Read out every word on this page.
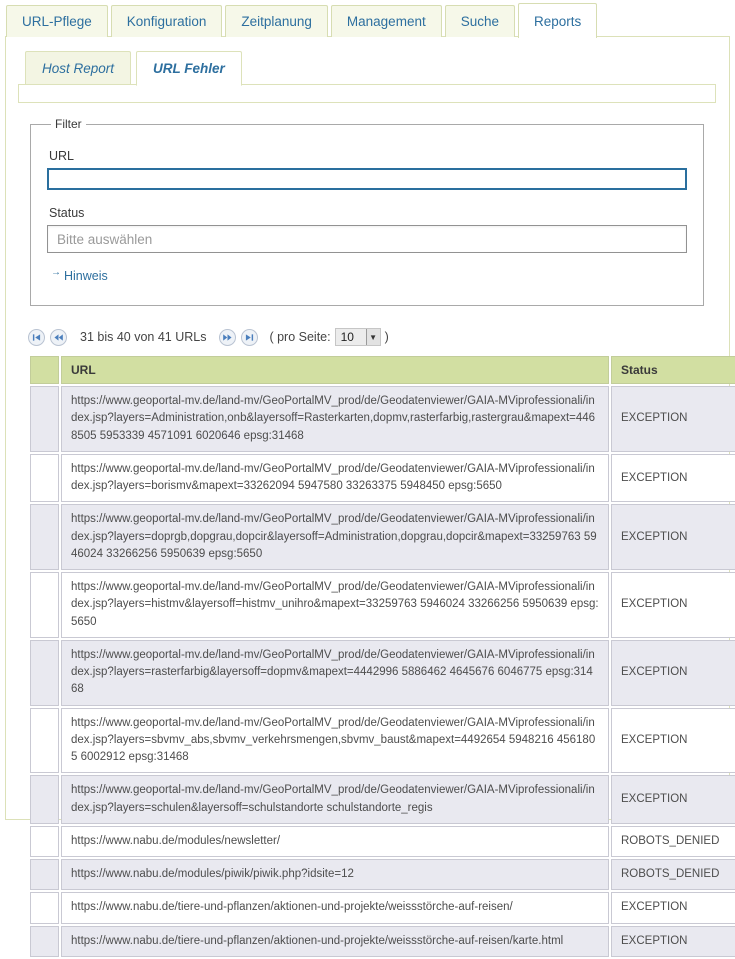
URL-Pflege	Konfiguration	Zeitplanung	Management	Suche	Reports
Host Report	URL Fehler
Filter
URL
Status
Bitte auswählen
→ Hinweis
31 bis 40 von 41 URLs	( pro Seite: 10	▼ )
	URL	Status
	https://www.geoportal-mv.de/land-mv/GeoPortalMV_prod/de/Geodatenviewer/GAIA-MViprofessionali/index.jsp?layers=Administration,onb&layersoff=Rasterkarten,dopmv,rasterfarbig,rastergrau&mapext=4468505 5953339 4571091 6020646 epsg:31468	EXCEPTION
	https://www.geoportal-mv.de/land-mv/GeoPortalMV_prod/de/Geodatenviewer/GAIA-MViprofessionali/index.jsp?layers=borismv&mapext=33262094 5947580 33263375 5948450 epsg:5650	EXCEPTION
	https://www.geoportal-mv.de/land-mv/GeoPortalMV_prod/de/Geodatenviewer/GAIA-MViprofessionali/index.jsp?layers=doprgb,dopgrau,dopcir&layersoff=Administration,dopgrau,dopcir&mapext=33259763 5946024 33266256 5950639 epsg:5650	EXCEPTION
	https://www.geoportal-mv.de/land-mv/GeoPortalMV_prod/de/Geodatenviewer/GAIA-MViprofessionali/index.jsp?layers=histmv&layersoff=histmv_unihro&mapext=33259763 5946024 33266256 5950639 epsg:5650	EXCEPTION
	https://www.geoportal-mv.de/land-mv/GeoPortalMV_prod/de/Geodatenviewer/GAIA-MViprofessionali/index.jsp?layers=rasterfarbig&layersoff=dopmv&mapext=4442996 5886462 4645676 6046775 epsg:31468	EXCEPTION
	https://www.geoportal-mv.de/land-mv/GeoPortalMV_prod/de/Geodatenviewer/GAIA-MViprofessionali/index.jsp?layers=sbvmv_abs,sbvmv_verkehrsmengen,sbvmv_baust&mapext=4492654 5948216 4561805 6002912 epsg:31468	EXCEPTION
	https://www.geoportal-mv.de/land-mv/GeoPortalMV_prod/de/Geodatenviewer/GAIA-MViprofessionali/index.jsp?layers=schulen&layersoff=schulstandorte schulstandorte_regis	EXCEPTION
	https://www.nabu.de/modules/newsletter/	ROBOTS_DENIED
	https://www.nabu.de/modules/piwik/piwik.php?idsite=12	ROBOTS_DENIED
	https://www.nabu.de/tiere-und-pflanzen/aktionen-und-projekte/weissstörche-auf-reisen/	EXCEPTION
	https://www.nabu.de/tiere-und-pflanzen/aktionen-und-projekte/weissstörche-auf-reisen/karte.html	EXCEPTION
